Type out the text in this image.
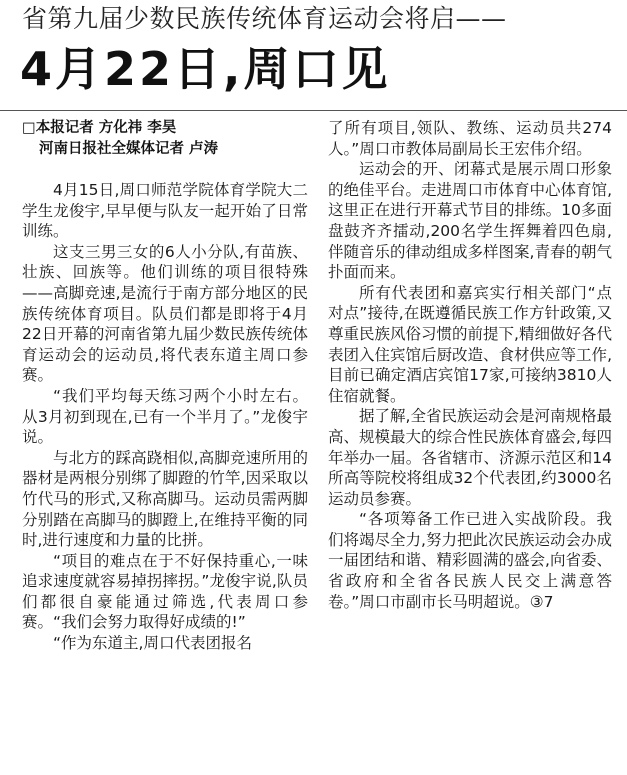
省第九届少数民族传统体育运动会将启——
4月22日,周口见
□本报记者 方化祎 李昊
河南日报社全媒体记者 卢涛

4月15日,周口师范学院体育学院大二学生龙俊宇,早早便与队友一起开始了日常训练。

这支三男三女的6人小分队,有苗族、壮族、回族等。他们训练的项目很特殊——高脚竞速,是流行于南方部分地区的民族传统体育项目。队员们都是即将于4月22日开幕的河南省第九届少数民族传统体育运动会的运动员,将代表东道主周口参赛。

“我们平均每天练习两个小时左右。从3月初到现在,已有一个半月了。”龙俊宇说。

与北方的踩高跷相似,高脚竞速所用的器材是两根分别绑了脚蹬的竹竿,因采取以竹代马的形式,又称高脚马。运动员需两脚分别踏在高脚马的脚蹬上,在维持平衡的同时,进行速度和力量的比拼。

“项目的难点在于不好保持重心,一味追求速度就容易掉拐摔拐。”龙俊宇说,队员们都很自豪能通过筛选,代表周口参赛。“我们会努力取得好成绩的!”

“作为东道主,周口代表团报名

了所有项目,领队、教练、运动员共274人。”周口市教体局副局长王宏伟介绍。

运动会的开、闭幕式是展示周口形象的绝佳平台。走进周口市体育中心体育馆,这里正在进行开幕式节目的排练。10多面盘鼓齐齐擂动,200名学生挥舞着四色扇,伴随音乐的律动组成多样图案,青春的朝气扑面而来。

所有代表团和嘉宾实行相关部门“点对点”接待,在既遵循民族工作方针政策,又尊重民族风俗习惯的前提下,精细做好各代表团入住宾馆后厨改造、食材供应等工作,目前已确定酒店宾馆17家,可接纳3810人住宿就餐。

据了解,全省民族运动会是河南规格最高、规模最大的综合性民族体育盛会,每四年举办一届。各省辖市、济源示范区和14所高等院校将组成32个代表团,约3000名运动员参赛。

“各项筹备工作已进入实战阶段。我们将竭尽全力,努力把此次民族运动会办成一届团结和谐、精彩圆满的盛会,向省委、省政府和全省各民族人民交上满意答卷。”周口市副市长马明超说。③7
